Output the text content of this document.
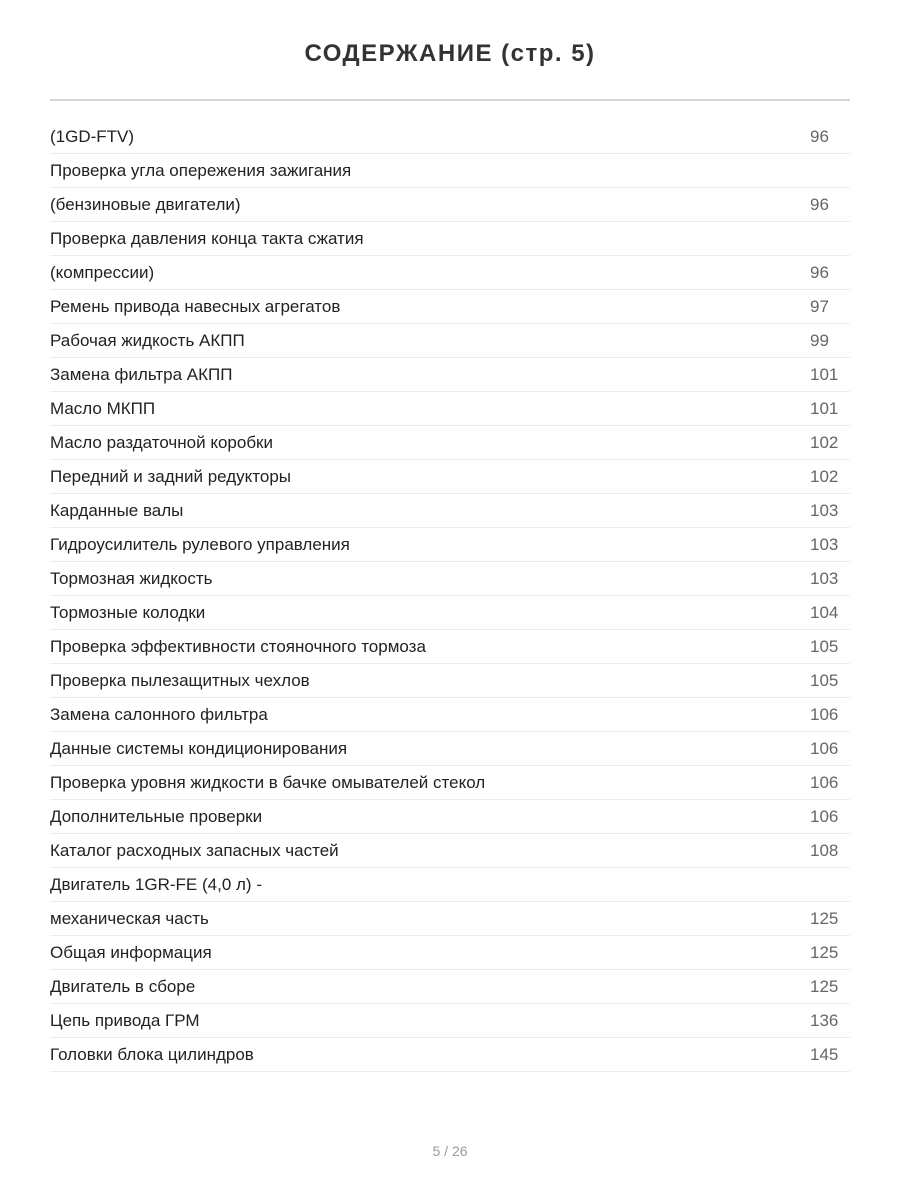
СОДЕРЖАНИЕ (стр. 5)
(1GD-FTV)	96
Проверка угла опережения зажигания
(бензиновые двигатели)	96
Проверка давления конца такта сжатия
(компрессии)	96
Ремень привода навесных агрегатов	97
Рабочая жидкость АКПП	99
Замена фильтра АКПП	101
Масло МКПП	101
Масло раздаточной коробки	102
Передний и задний редукторы	102
Карданные валы	103
Гидроусилитель рулевого управления	103
Тормозная жидкость	103
Тормозные колодки	104
Проверка эффективности стояночного тормоза	105
Проверка пылезащитных чехлов	105
Замена салонного фильтра	106
Данные системы кондиционирования	106
Проверка уровня жидкости в бачке омывателей стекол	106
Дополнительные проверки	106
Каталог расходных запасных частей	108
Двигатель 1GR-FE (4,0 л) -
механическая часть	125
Общая информация	125
Двигатель в сборе	125
Цепь привода ГРМ	136
Головки блока цилиндров	145
5 / 26
